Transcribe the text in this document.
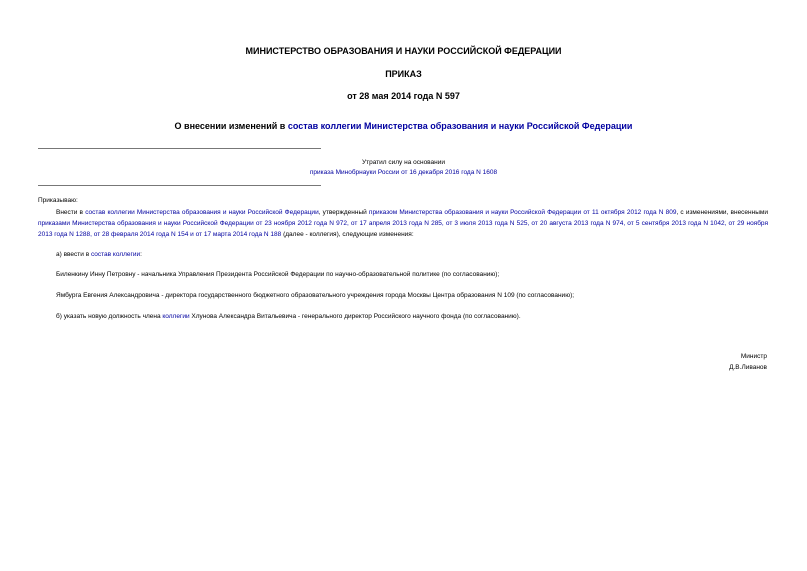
МИНИСТЕРСТВО ОБРАЗОВАНИЯ И НАУКИ РОССИЙСКОЙ ФЕДЕРАЦИИ
ПРИКАЗ
от 28 мая 2014 года N 597
О внесении изменений в состав коллегии Министерства образования и науки Российской Федерации
Утратил силу на основании
приказа Минобрнауки России от 16 декабря 2016 года N 1608
Приказываю:
Внести в состав коллегии Министерства образования и науки Российской Федерации, утвержденный приказом Министерства образования и науки Российской Федерации от 11 октября 2012 года N 809, с изменениями, внесенными приказами Министерства образования и науки Российской Федерации от 23 ноября 2012 года N 972, от 17 апреля 2013 года N 285, от 3 июля 2013 года N 525, от 20 августа 2013 года N 974, от 5 сентября 2013 года N 1042, от 29 ноября 2013 года N 1288, от 28 февраля 2014 года N 154 и от 17 марта 2014 года N 188 (далее - коллегия), следующие изменения:
а) ввести в состав коллегии:
Биленкину Инну Петровну - начальника Управления Президента Российской Федерации по научно-образовательной политике (по согласованию);
Ямбурга Евгения Александровича - директора государственного бюджетного образовательного учреждения города Москвы Центра образования N 109 (по согласованию);
б) указать новую должность члена коллегии Хлунова Александра Витальевича - генерального директор Российского научного фонда (по согласованию).
Министр
Д.В.Ливанов
